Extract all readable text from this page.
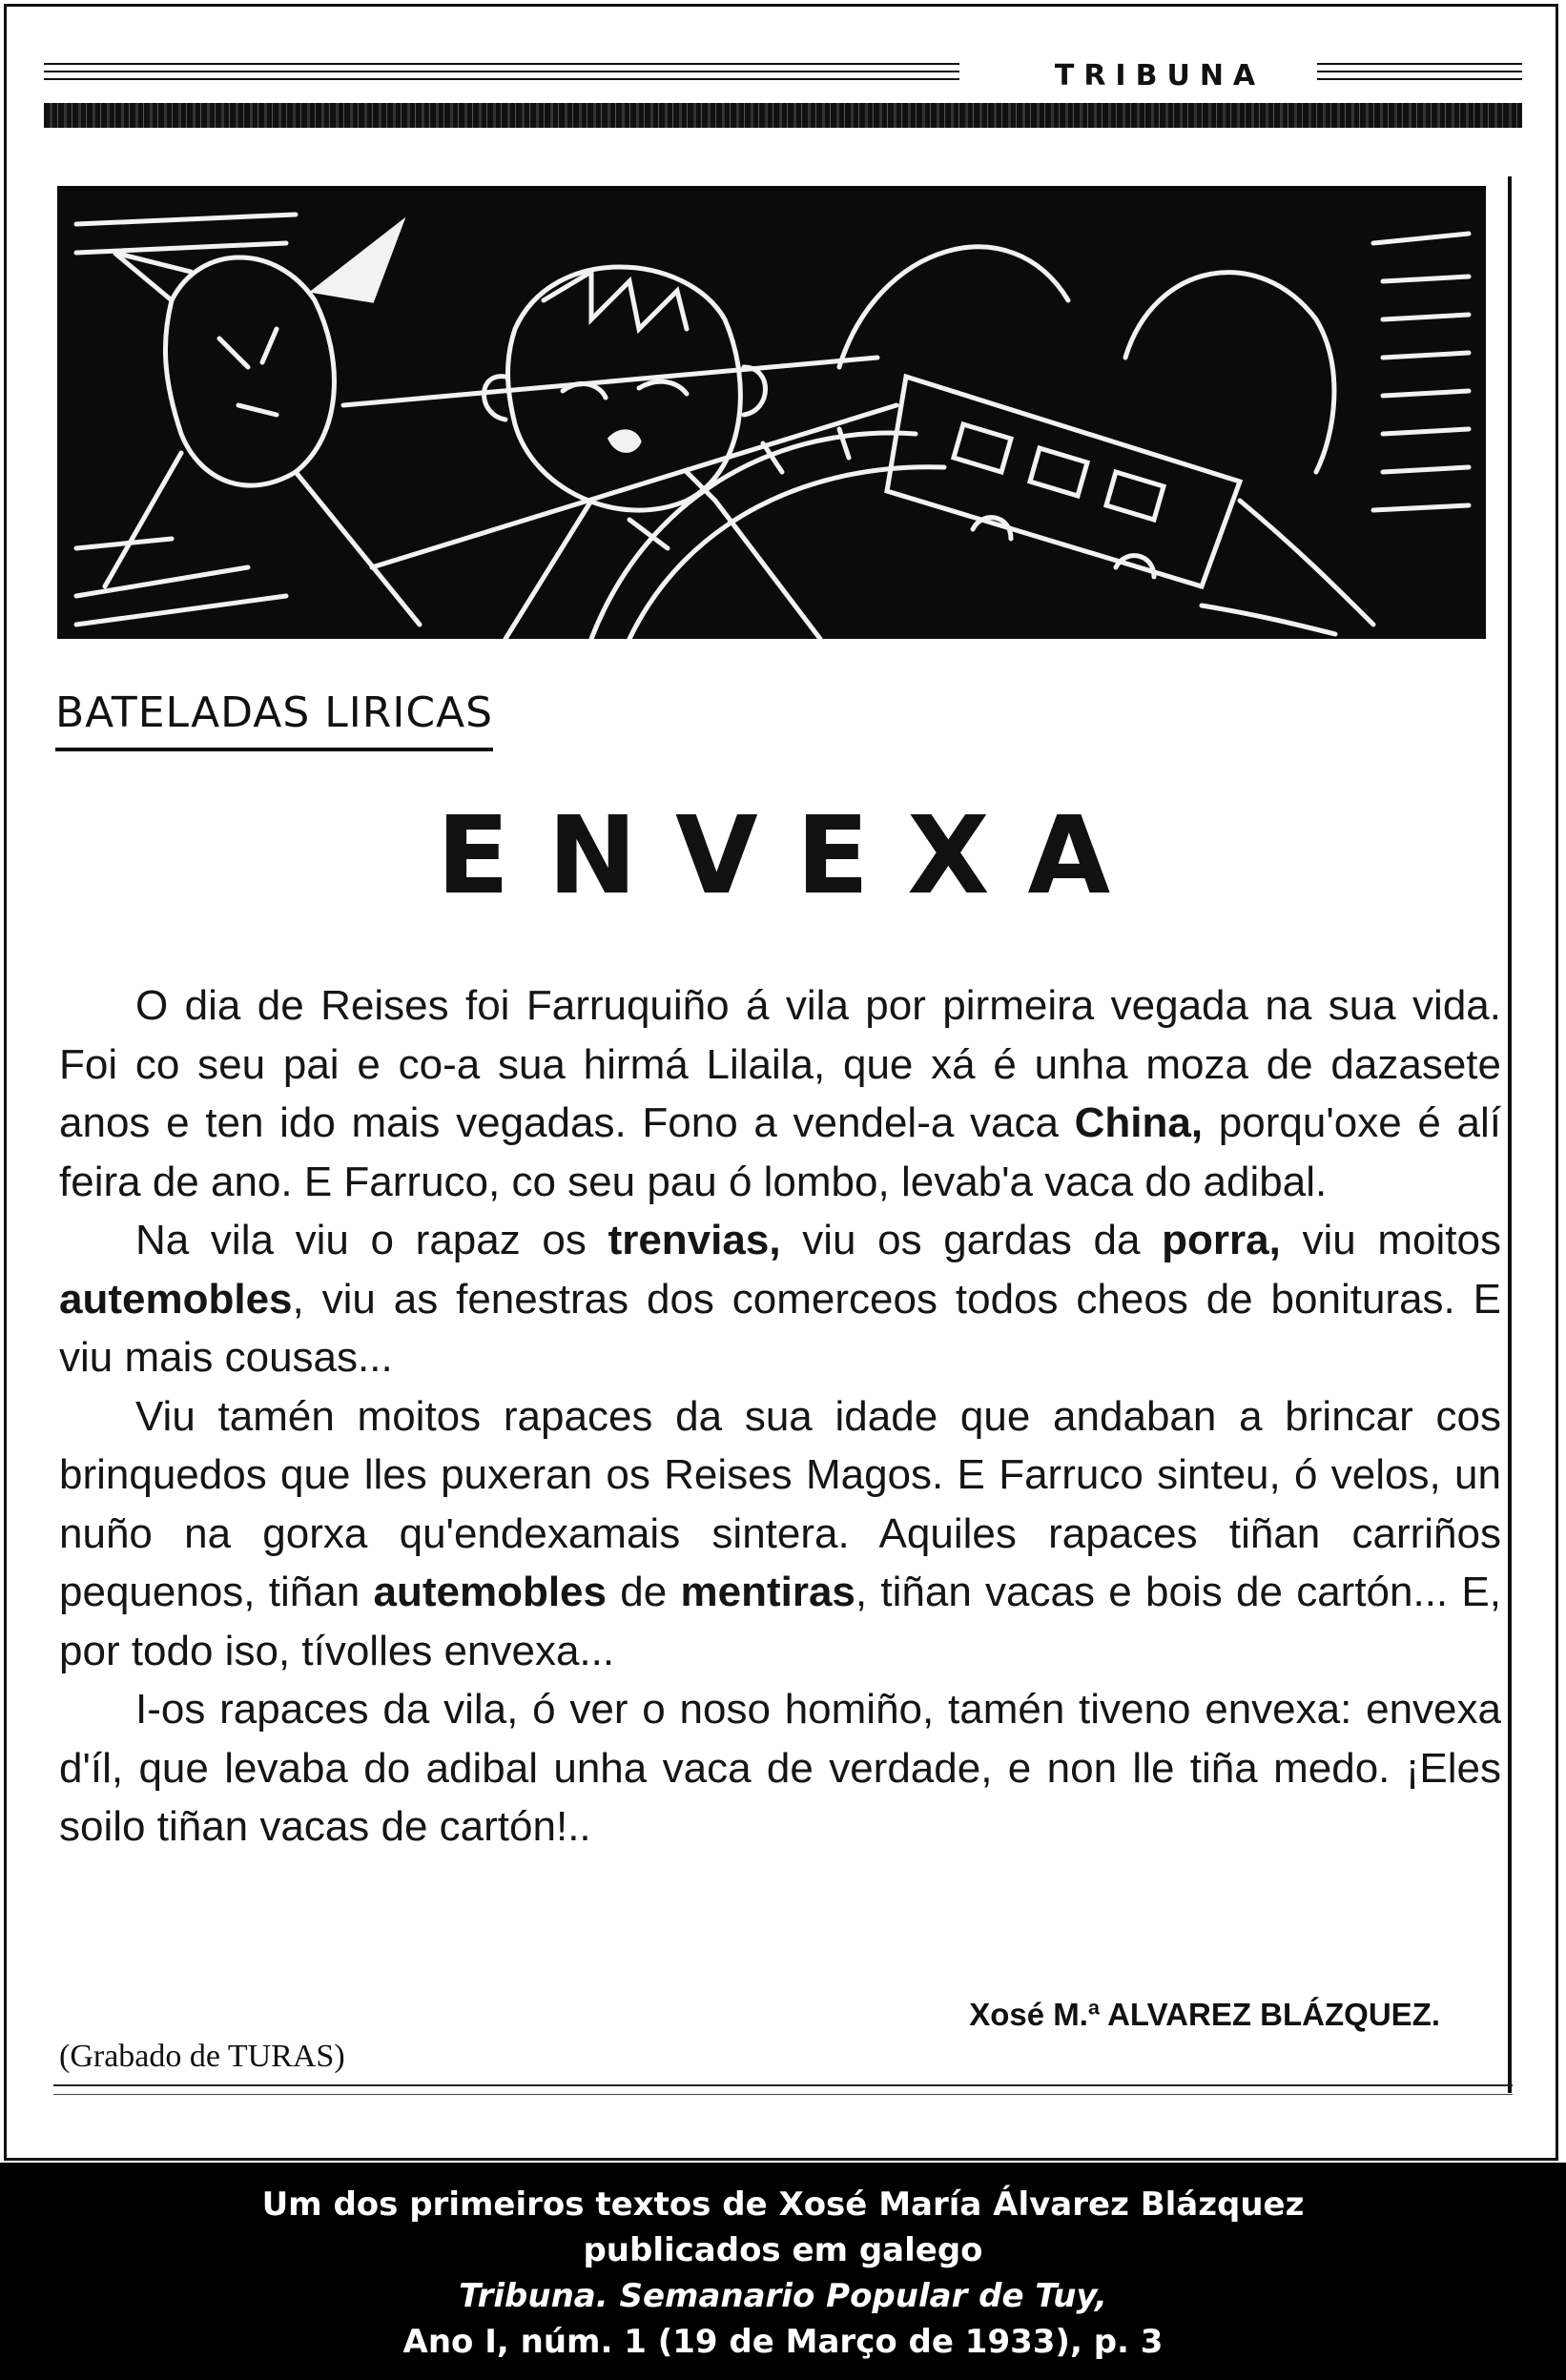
TRIBUNA
BATELADAS LIRICAS
ENVEXA

O dia de Reises foi Farruquiño á vila por pirmeira vegada na sua vida. Foi co seu pai e co-a sua hirmá Lilaila, que xá é unha moza de dazasete anos e ten ido mais vegadas. Fono a vendel-a vaca China, porqu'oxe é alí feira de ano. E Farruco, co seu pau ó lombo, levab'a vaca do adibal.

Na vila viu o rapaz os trenvias, viu os gardas da porra, viu moitos autemobles, viu as fenestras dos comerceos todos cheos de bonituras. E viu mais cousas...

Viu tamén moitos rapaces da sua idade que andaban a brincar cos brinquedos que lles puxeran os Reises Magos. E Farruco sinteu, ó velos, un nuño na gorxa qu'endexamais sintera. Aquiles rapaces tiñan carriños pequenos, tiñan autemobles de mentiras, tiñan vacas e bois de cartón... E, por todo iso, tívolles envexa...

I-os rapaces da vila, ó ver o noso homiño, tamén tiveno envexa: envexa d'íl, que levaba do adibal unha vaca de verdade, e non lle tiña medo. ¡Eles soilo tiñan vacas de cartón!..

Xosé M.ª ALVAREZ BLÁZQUEZ.
(Grabado de TURAS)
Um dos primeiros textos de Xosé María Álvarez Blázquez
publicados em galego
Tribuna. Semanario Popular de Tuy,
Ano I, núm. 1 (19 de Março de 1933), p. 3
